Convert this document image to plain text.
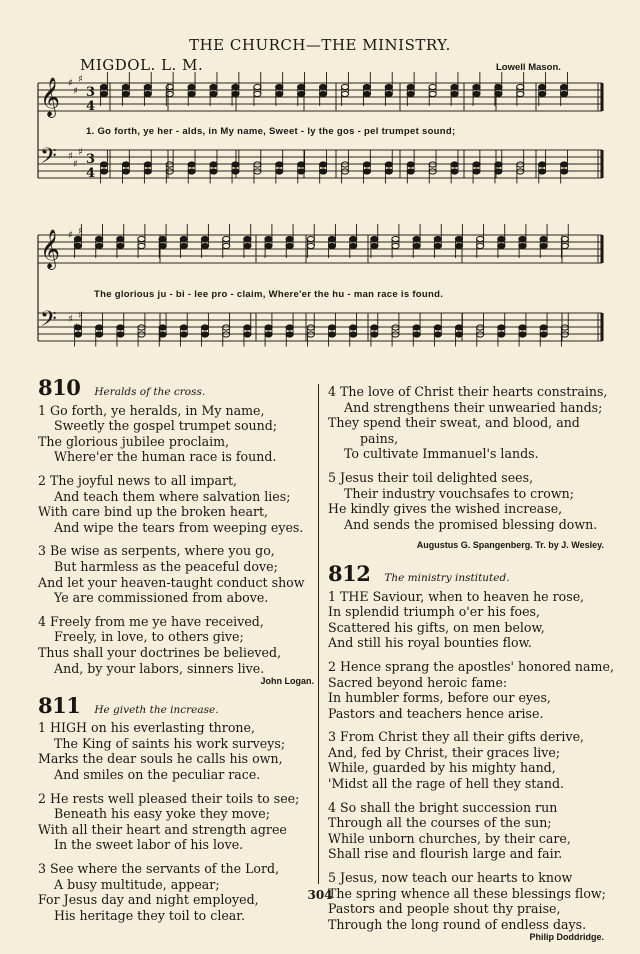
THE CHURCH—THE MINISTRY.
MIGDOL. L. M.	Lowell Mason.
𝄞 ♯
♯
♯
3
4
𝄢 ♯
♯
♯ 3
4
𝄞 ♯
♯
♯
𝄢 ♯
♯
♯
1. Go forth, ye her - alds, in My name, Sweet - ly the gos - pel trumpet sound;
The glorious ju - bi - lee pro - claim, Where'er the hu - man race is found.
810 Heralds of the cross.
1 Go forth, ye heralds, in My name,
Sweetly the gospel trumpet sound;
The glorious jubilee proclaim,
Where'er the human race is found.
2 The joyful news to all impart,
And teach them where salvation lies;
With care bind up the broken heart,
And wipe the tears from weeping eyes.
3 Be wise as serpents, where you go,
But harmless as the peaceful dove;
And let your heaven-taught conduct show
Ye are commissioned from above.
4 Freely from me ye have received,
Freely, in love, to others give;
Thus shall your doctrines be believed,
And, by your labors, sinners live.
John Logan.
811 He giveth the increase.
1 HIGH on his everlasting throne,
The King of saints his work surveys;
Marks the dear souls he calls his own,
And smiles on the peculiar race.
2 He rests well pleased their toils to see;
Beneath his easy yoke they move;
With all their heart and strength agree
In the sweet labor of his love.
3 See where the servants of the Lord,
A busy multitude, appear;
For Jesus day and night employed,
His heritage they toil to clear.
4 The love of Christ their hearts constrains,
And strengthens their unwearied hands;
They spend their sweat, and blood, and
pains,
To cultivate Immanuel's lands.
5 Jesus their toil delighted sees,
Their industry vouchsafes to crown;
He kindly gives the wished increase,
And sends the promised blessing down.
Augustus G. Spangenberg. Tr. by J. Wesley.
812 The ministry instituted.
1 THE Saviour, when to heaven he rose,
In splendid triumph o'er his foes,
Scattered his gifts, on men below,
And still his royal bounties flow.
2 Hence sprang the apostles' honored name,
Sacred beyond heroic fame:
In humbler forms, before our eyes,
Pastors and teachers hence arise.
3 From Christ they all their gifts derive,
And, fed by Christ, their graces live;
While, guarded by his mighty hand,
'Midst all the rage of hell they stand.
4 So shall the bright succession run
Through all the courses of the sun;
While unborn churches, by their care,
Shall rise and flourish large and fair.
5 Jesus, now teach our hearts to know
The spring whence all these blessings flow;
Pastors and people shout thy praise,
Through the long round of endless days.
Philip Doddridge.
304
